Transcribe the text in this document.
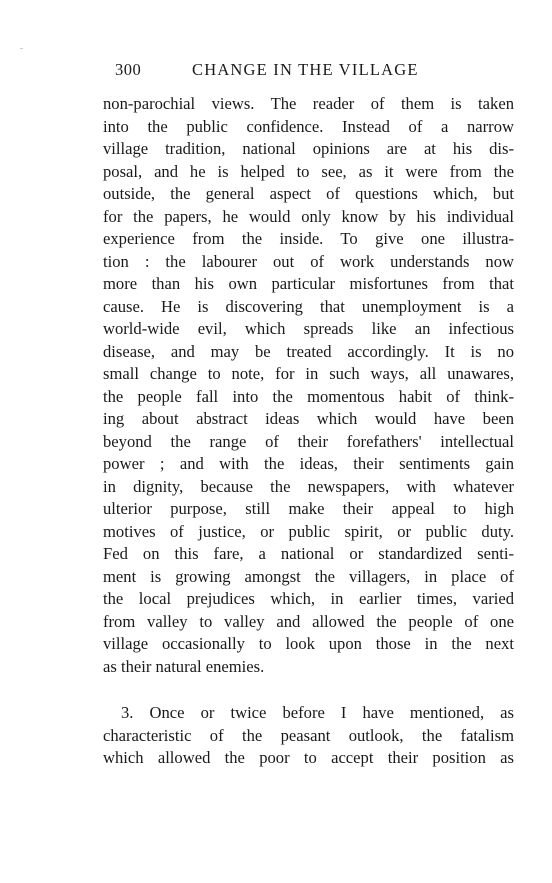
300	CHANGE IN THE VILLAGE
non-parochial views. The reader of them is taken
into the public confidence. Instead of a narrow
village tradition, national opinions are at his dis-
posal, and he is helped to see, as it were from the
outside, the general aspect of questions which, but
for the papers, he would only know by his individual
experience from the inside. To give one illustra-
tion : the labourer out of work understands now
more than his own particular misfortunes from that
cause. He is discovering that unemployment is a
world-wide evil, which spreads like an infectious
disease, and may be treated accordingly. It is no
small change to note, for in such ways, all unawares,
the people fall into the momentous habit of think-
ing about abstract ideas which would have been
beyond the range of their forefathers' intellectual
power ; and with the ideas, their sentiments gain
in dignity, because the newspapers, with whatever
ulterior purpose, still make their appeal to high
motives of justice, or public spirit, or public duty.
Fed on this fare, a national or standardized senti-
ment is growing amongst the villagers, in place of
the local prejudices which, in earlier times, varied
from valley to valley and allowed the people of one
village occasionally to look upon those in the next
as their natural enemies.
3. Once or twice before I have mentioned, as
characteristic of the peasant outlook, the fatalism
which allowed the poor to accept their position as
